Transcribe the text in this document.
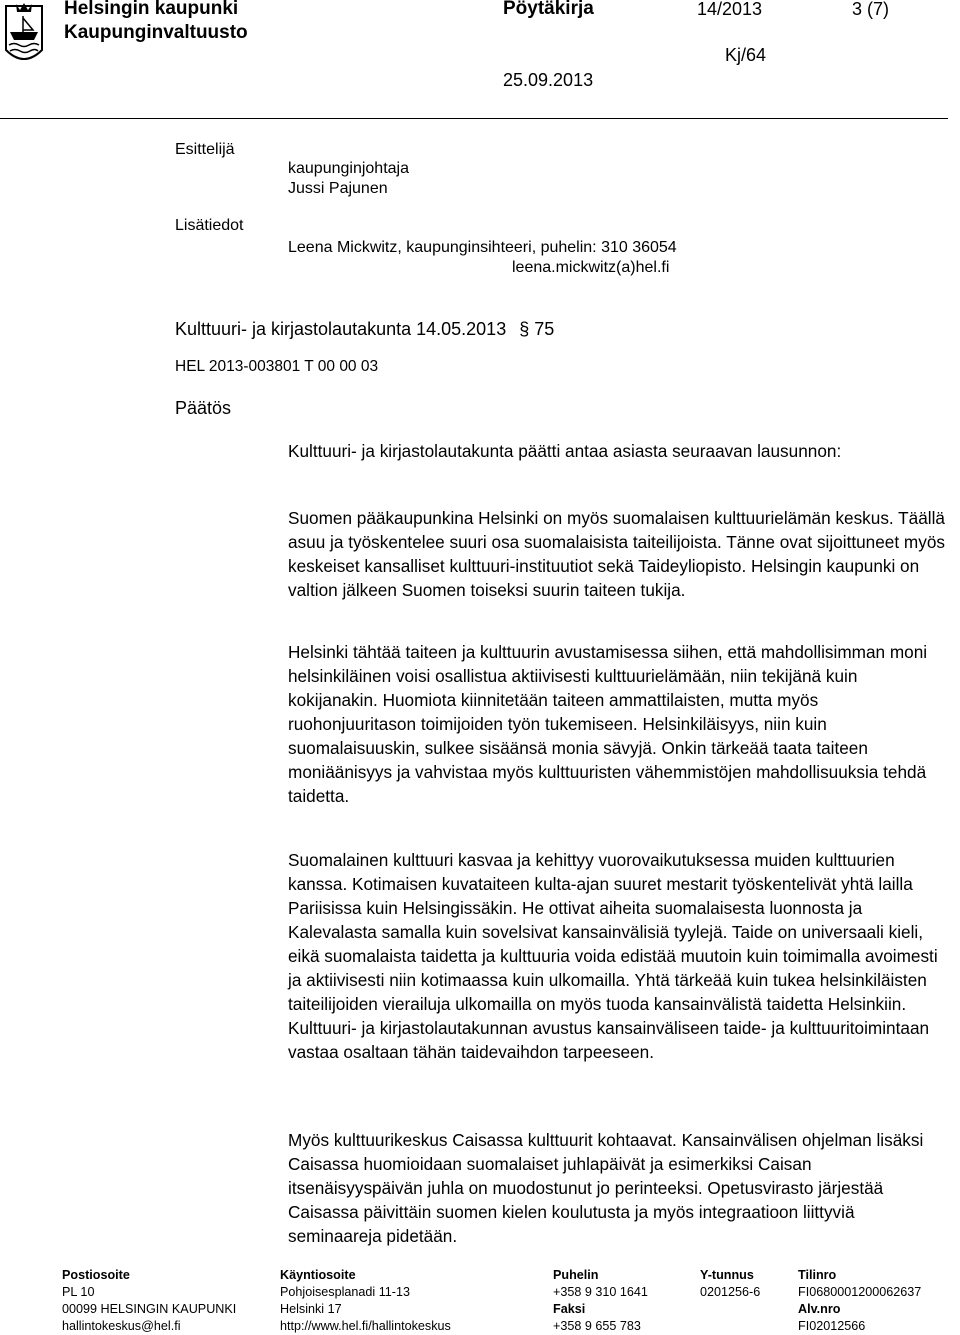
Helsingin kaupunki
Kaupunginvaltuusto
Pöytäkirja	14/2013	3 (7)
Kj/64
25.09.2013
Esittelijä
kaupunginjohtaja
Jussi Pajunen
Lisätiedot
Leena Mickwitz, kaupunginsihteeri, puhelin: 310 36054
leena.mickwitz(a)hel.fi
Kulttuuri- ja kirjastolautakunta 14.05.2013 § 75
HEL 2013-003801 T 00 00 03
Päätös

Kulttuuri- ja kirjastolautakunta päätti antaa asiasta seuraavan lausunnon:

Suomen pääkaupunkina Helsinki on myös suomalaisen kulttuurielämän keskus. Täällä asuu ja työskentelee suuri osa suomalaisista taiteilijoista. Tänne ovat sijoittuneet myös keskeiset kansalliset kulttuuri-instituutiot sekä Taideyliopisto. Helsingin kaupunki on valtion jälkeen Suomen toiseksi suurin taiteen tukija.

Helsinki tähtää taiteen ja kulttuurin avustamisessa siihen, että mahdollisimman moni helsinkiläinen voisi osallistua aktiivisesti kulttuurielämään, niin tekijänä kuin kokijanakin. Huomiota kiinnitetään taiteen ammattilaisten, mutta myös ruohonjuuritason toimijoiden työn tukemiseen. Helsinkiläisyys, niin kuin suomalaisuuskin, sulkee sisäänsä monia sävyjä. Onkin tärkeää taata taiteen moniäänisyys ja vahvistaa myös kulttuuristen vähemmistöjen mahdollisuuksia tehdä taidetta.

Suomalainen kulttuuri kasvaa ja kehittyy vuorovaikutuksessa muiden kulttuurien kanssa. Kotimaisen kuvataiteen kulta-ajan suuret mestarit työskentelivät yhtä lailla Pariisissa kuin Helsingissäkin. He ottivat aiheita suomalaisesta luonnosta ja Kalevalasta samalla kuin sovelsivat kansainvälisiä tyylejä. Taide on universaali kieli, eikä suomalaista taidetta ja kulttuuria voida edistää muutoin kuin toimimalla avoimesti ja aktiivisesti niin kotimaassa kuin ulkomailla. Yhtä tärkeää kuin tukea helsinkiläisten taiteilijoiden vierailuja ulkomailla on myös tuoda kansainvälistä taidetta Helsinkiin. Kulttuuri- ja kirjastolautakunnan avustus kansainväliseen taide- ja kulttuuritoimintaan vastaa osaltaan tähän taidevaihdon tarpeeseen.

Myös kulttuurikeskus Caisassa kulttuurit kohtaavat. Kansainvälisen ohjelman lisäksi Caisassa huomioidaan suomalaiset juhlapäivät ja esimerkiksi Caisan itsenäisyyspäivän juhla on muodostunut jo perinteeksi. Opetusvirasto järjestää Caisassa päivittäin suomen kielen koulutusta ja myös integraatioon liittyviä seminaareja pidetään.

Postiosoite
PL 10
00099 HELSINGIN KAUPUNKI
hallintokeskus@hel.fi
Käyntiosoite
Pohjoisesplanadi 11-13
Helsinki 17
http://www.hel.fi/hallintokeskus
Puhelin
+358 9 310 1641
Faksi
+358 9 655 783
Y-tunnus
0201256-6
Tilinro
FI0680001200062637
Alv.nro
FI02012566
